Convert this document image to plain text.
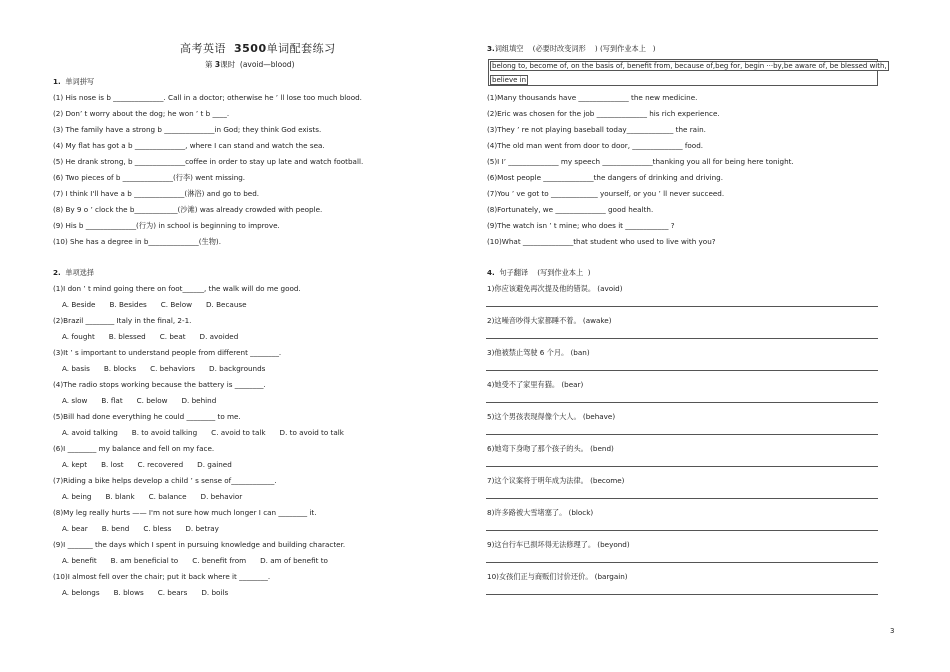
高考英语 3500单词配套练习
第 3课时 (avoid—blood)
1. 单词拼写
(1) His nose is b ______________. Call in a doctor; otherwise he ’ ll lose too much blood.
(2) Don’ t worry about the dog; he won ’ t b ____.
(3) The family have a strong b ______________in God; they think God exists.
(4) My flat has got a b ______________, where I can stand and watch the sea.
(5) He drank strong, b ______________coffee in order to stay up late and watch football.
(6) Two pieces of b ______________(行李) went missing.
(7) I think I'll have a b ______________(淋浴) and go to bed.
(8) By 9 o ’ clock the b____________(沙滩) was already crowded with people.
(9) His b ______________(行为) in school is beginning to improve.
(10) She has a degree in b______________(生物).
2. 单项选择
(1)I don ’ t mind going there on foot______, the walk will do me good.
A. Beside B. Besides C. Below D. Because
(2)Brazil ________ Italy in the final, 2-1.
A. fought B. blessed C. beat D. avoided
(3)It ’ s important to understand people from different ________.
A. basis B. blocks C. behaviors D. backgrounds
(4)The radio stops working because the battery is ________.
A. slow B. flat C. below D. behind
(5)Bill had done everything he could ________ to me.
A. avoid talking B. to avoid talking C. avoid to talk D. to avoid to talk
(6)I ________ my balance and fell on my face.
A. kept B. lost C. recovered D. gained
(7)Riding a bike helps develop a child ’ s sense of____________.
A. being B. blank C. balance D. behavior
(8)My leg really hurts —— I'm not sure how much longer I can ________ it.
A. bear B. bend C. bless D. betray
(9)I _______ the days which I spent in pursuing knowledge and building character.
A. benefit B. am beneficial to C. benefit from D. am of benefit to
(10)I almost fell over the chair; put it back where it ________.
A. belongs B. blows C. bears D. boils
3.词组填空 (必要时改变词形 ) (写到作业本上 )
belong to, become of, on the basis of, benefit from, because of,beg for, begin ···by,be aware of, be blessed with,
believe in
(1)Many thousands have ______________ the new medicine.
(2)Eric was chosen for the job ______________ his rich experience.
(3)They ’ re not playing baseball today_____________ the rain.
(4)The old man went from door to door, ______________ food.
(5)I I’ ______________ my speech ______________thanking you all for being here tonight.
(6)Most people ______________the dangers of drinking and driving.
(7)You ’ ve got to _____________ yourself, or you ’ ll never succeed.
(8)Fortunately, we ______________ good health.
(9)The watch isn ’ t mine; who does it ____________ ?
(10)What ______________that student who used to live with you?
4. 句子翻译 (写到作业本上 )
1)你应该避免再次提及他的错误。 (avoid)
2)这噪音吵得大家都睡不着。 (awake)
3)他被禁止驾驶 6 个月。 (ban)
4)她受不了家里有猫。 (bear)
5)这个男孩表现得像个大人。 (behave)
6)她弯下身吻了那个孩子的头。 (bend)
7)这个议案将于明年成为法律。 (become)
8)许多路被大雪堵塞了。 (block)
9)这台行车已损坏得无法修理了。 (beyond)
10)女孩们正与商贩们讨价还价。 (bargain)
3
